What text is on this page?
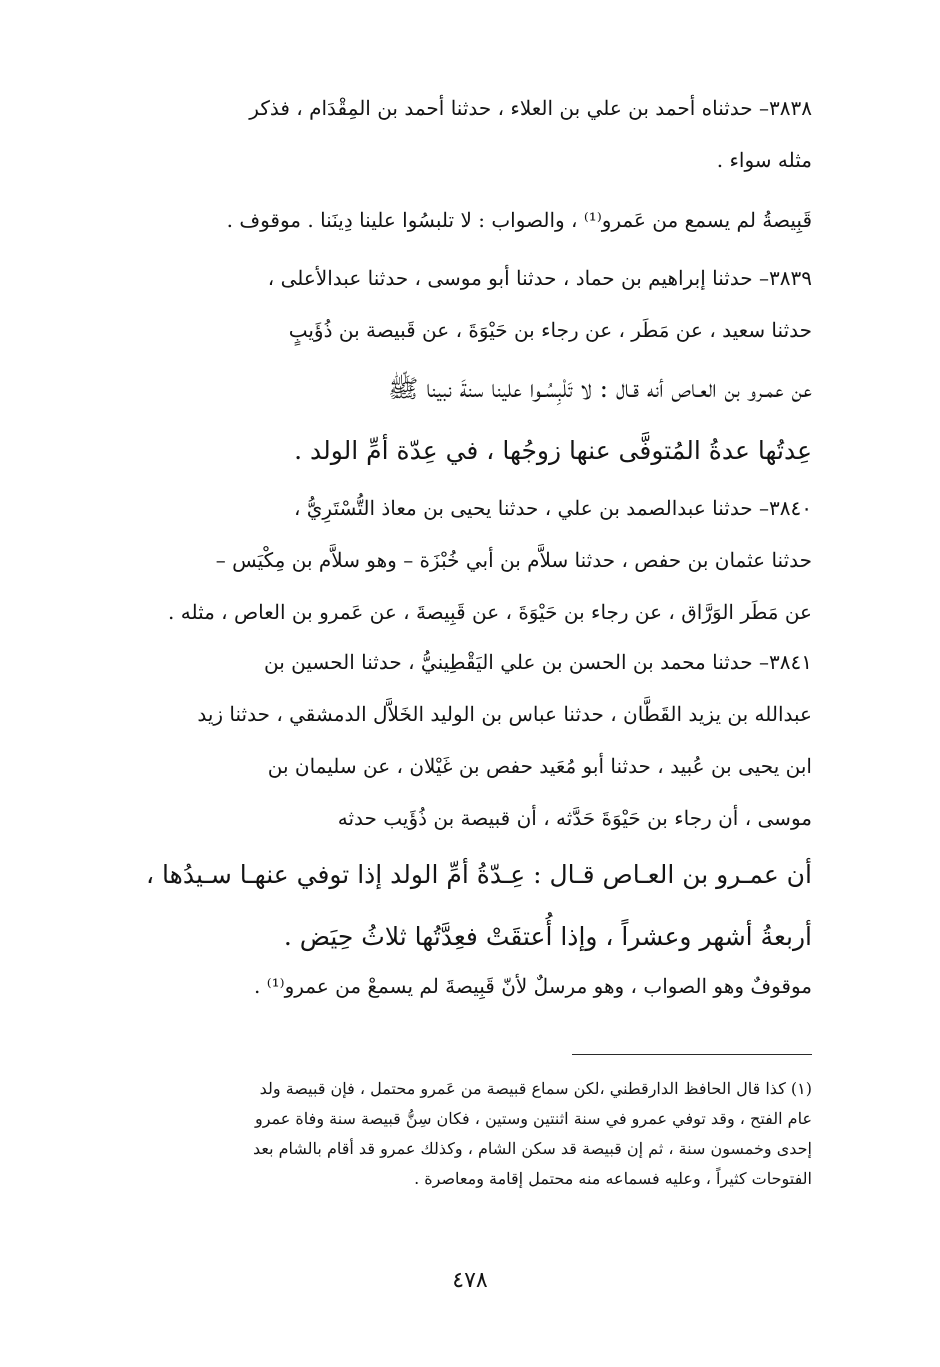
٣٨٣٨– حدثناه أحمد بن علي بن العلاء ، حدثنا أحمد بن المِقْدَام ، فذكر
مثله سواء .
قَبِيصةُ لم يسمع من عَمرو⁽¹⁾ ، والصواب : لا تلبسُوا علينا دِينَنا . موقوف .
٣٨٣٩– حدثنا إبراهيم بن حماد ، حدثنا أبو موسى ، حدثنا عبدالأعلى ،
حدثنا سعيد ، عن مَطَر ، عن رجاء بن حَيْوَةَ ، عن قَبيصة بن ذُؤَيبٍ
عن عمـرو بن العـاص أنه قـال : لا تَلْبِسُـوا علينا سنةَ نبينا ﷺ
عِدتُها عدةُ المُتوفَّى عنها زوجُها ، في عِدّة أمِّ الولد .
٣٨٤٠– حدثنا عبدالصمد بن علي ، حدثنا يحيى بن معاذ التُّسْتَرِيُّ ،
حدثنا عثمان بن حفص ، حدثنا سلاَّم بن أبي خُبْزَة – وهو سلاَّم بن مِكْيَس –
عن مَطَر الوَرَّاق ، عن رجاء بن حَيْوَةَ ، عن قَبِيصةَ ، عن عَمرو بن العاص ، مثله .
٣٨٤١– حدثنا محمد بن الحسن بن علي اليَقْطِينيُّ ، حدثنا الحسين بن
عبدالله بن يزيد القَطَّان ، حدثنا عباس بن الوليد الخَلاَّل الدمشقي ، حدثنا زيد
ابن يحيى بن عُبيد ، حدثنا أبو مُعَيد حفص بن غَيْلان ، عن سليمان بن
موسى ، أن رجاء بن حَيْوَةَ حَدَّثه ، أن قبيصة بن ذُؤَيب حدثه
أن عمـرو بن العـاص قـال : عِـدّةُ أمِّ الولد إذا توفي عنهـا سـيدُها ،
أربعةُ أشهر وعشراً ، وإذا أُعتقَتْ فعِدَّتُها ثلاثُ حِيَض .
موقوفٌ وهو الصواب ، وهو مرسلٌ لأنّ قَبِيصةَ لم يسمعْ من عمرو⁽¹⁾ .
(١) كذا قال الحافظ الدارقطني ،لكن سماع قبيصة من عَمرو محتمل ، فإن قبيصة ولد
عام الفتح ، وقد توفي عمرو في سنة اثنتين وستين ، فكان سِنُّ قبيصة سنة وفاة عمرو
إحدى وخمسون سنة ، ثم إن قبيصة قد سكن الشام ، وكذلك عمرو قد أقام بالشام بعد
الفتوحات كثيراً ، وعليه فسماعه منه محتمل إقامة ومعاصرة .
٤٧٨
